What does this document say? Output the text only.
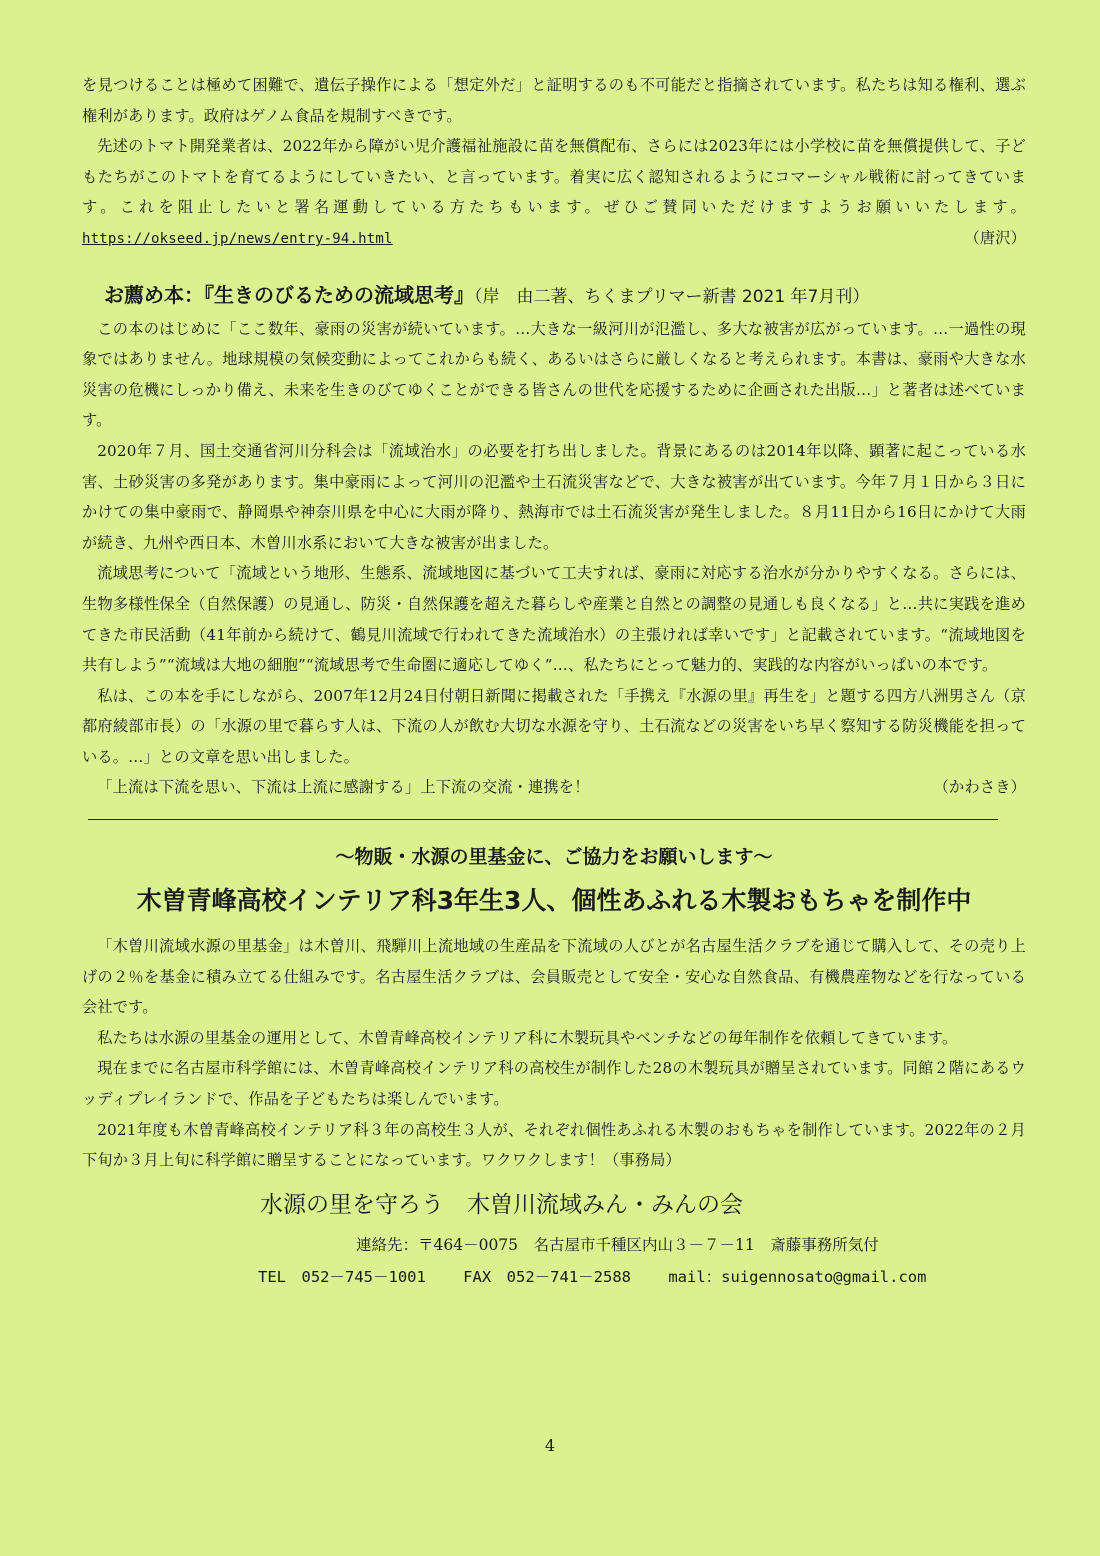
を見つけることは極めて困難で、遺伝子操作による「想定外だ」と証明するのも不可能だと指摘されています。私たちは知る権利、選ぶ権利があります。政府はゲノム食品を規制すべきです。

先述のトマト開発業者は、2022年から障がい児介護福祉施設に苗を無償配布、さらには2023年には小学校に苗を無償提供して、子どもたちがこのトマトを育てるようにしていきたい、と言っています。着実に広く認知されるようにコマーシャル戦術に討ってきています。これを阻止したいと署名運動している方たちもいます。ぜひご賛同いただけますようお願いいたします。 https://okseed.jp/news/entry-94.html	（唐沢）

お薦め本：『生きのびるための流域思考』（岸　由二著、ちくまプリマー新書 2021 年7月刊）

この本のはじめに「ここ数年、豪雨の災害が続いています。…大きな一級河川が氾濫し、多大な被害が広がっています。…一過性の現象ではありません。地球規模の気候変動によってこれからも続く、あるいはさらに厳しくなると考えられます。本書は、豪雨や大きな水災害の危機にしっかり備え、未来を生きのびてゆくことができる皆さんの世代を応援するために企画された出版…」と著者は述べています。

2020年７月、国土交通省河川分科会は「流域治水」の必要を打ち出しました。背景にあるのは2014年以降、顕著に起こっている水害、土砂災害の多発があります。集中豪雨によって河川の氾濫や土石流災害などで、大きな被害が出ています。今年７月１日から３日にかけての集中豪雨で、静岡県や神奈川県を中心に大雨が降り、熱海市では土石流災害が発生しました。８月11日から16日にかけて大雨が続き、九州や西日本、木曽川水系において大きな被害が出ました。

流域思考について「流域という地形、生態系、流域地図に基づいて工夫すれば、豪雨に対応する治水が分かりやすくなる。さらには、生物多様性保全（自然保護）の見通し、防災・自然保護を超えた暮らしや産業と自然との調整の見通しも良くなる」と…共に実践を進めてきた市民活動（41年前から続けて、鶴見川流域で行われてきた流域治水）の主張ければ幸いです」と記載されています。“流域地図を共有しよう”“流域は大地の細胞”“流域思考で生命圏に適応してゆく”…、私たちにとって魅力的、実践的な内容がいっぱいの本です。

私は、この本を手にしながら、2007年12月24日付朝日新聞に掲載された「手携え『水源の里』再生を」と題する四方八洲男さん（京都府綾部市長）の「水源の里で暮らす人は、下流の人が飲む大切な水源を守り、土石流などの災害をいち早く察知する防災機能を担っている。…」との文章を思い出しました。

「上流は下流を思い、下流は上流に感謝する」上下流の交流・連携を！	（かわさき）

～物販・水源の里基金に、ご協力をお願いします～
木曽青峰高校インテリア科3年生3人、個性あふれる木製おもちゃを制作中

「木曽川流域水源の里基金」は木曽川、飛騨川上流地域の生産品を下流域の人びとが名古屋生活クラブを通じて購入して、その売り上げの２％を基金に積み立てる仕組みです。名古屋生活クラブは、会員販売として安全・安心な自然食品、有機農産物などを行なっている会社です。

私たちは水源の里基金の運用として、木曽青峰高校インテリア科に木製玩具やベンチなどの毎年制作を依頼してきています。

現在までに名古屋市科学館には、木曽青峰高校インテリア科の高校生が制作した28の木製玩具が贈呈されています。同館２階にあるウッディプレイランドで、作品を子どもたちは楽しんでいます。

2021年度も木曽青峰高校インテリア科３年の高校生３人が、それぞれ個性あふれる木製のおもちゃを制作しています。2022年の２月下旬か３月上旬に科学館に贈呈することになっています。ワクワクします！（事務局）

水源の里を守ろう　木曽川流域みん・みんの会
連絡先：〒464－0075　名古屋市千種区内山３－７－11　斎藤事務所気付
TEL　052－745－1001 FAX　052－741－2588 mail：suigennosato@gmail.com
4
